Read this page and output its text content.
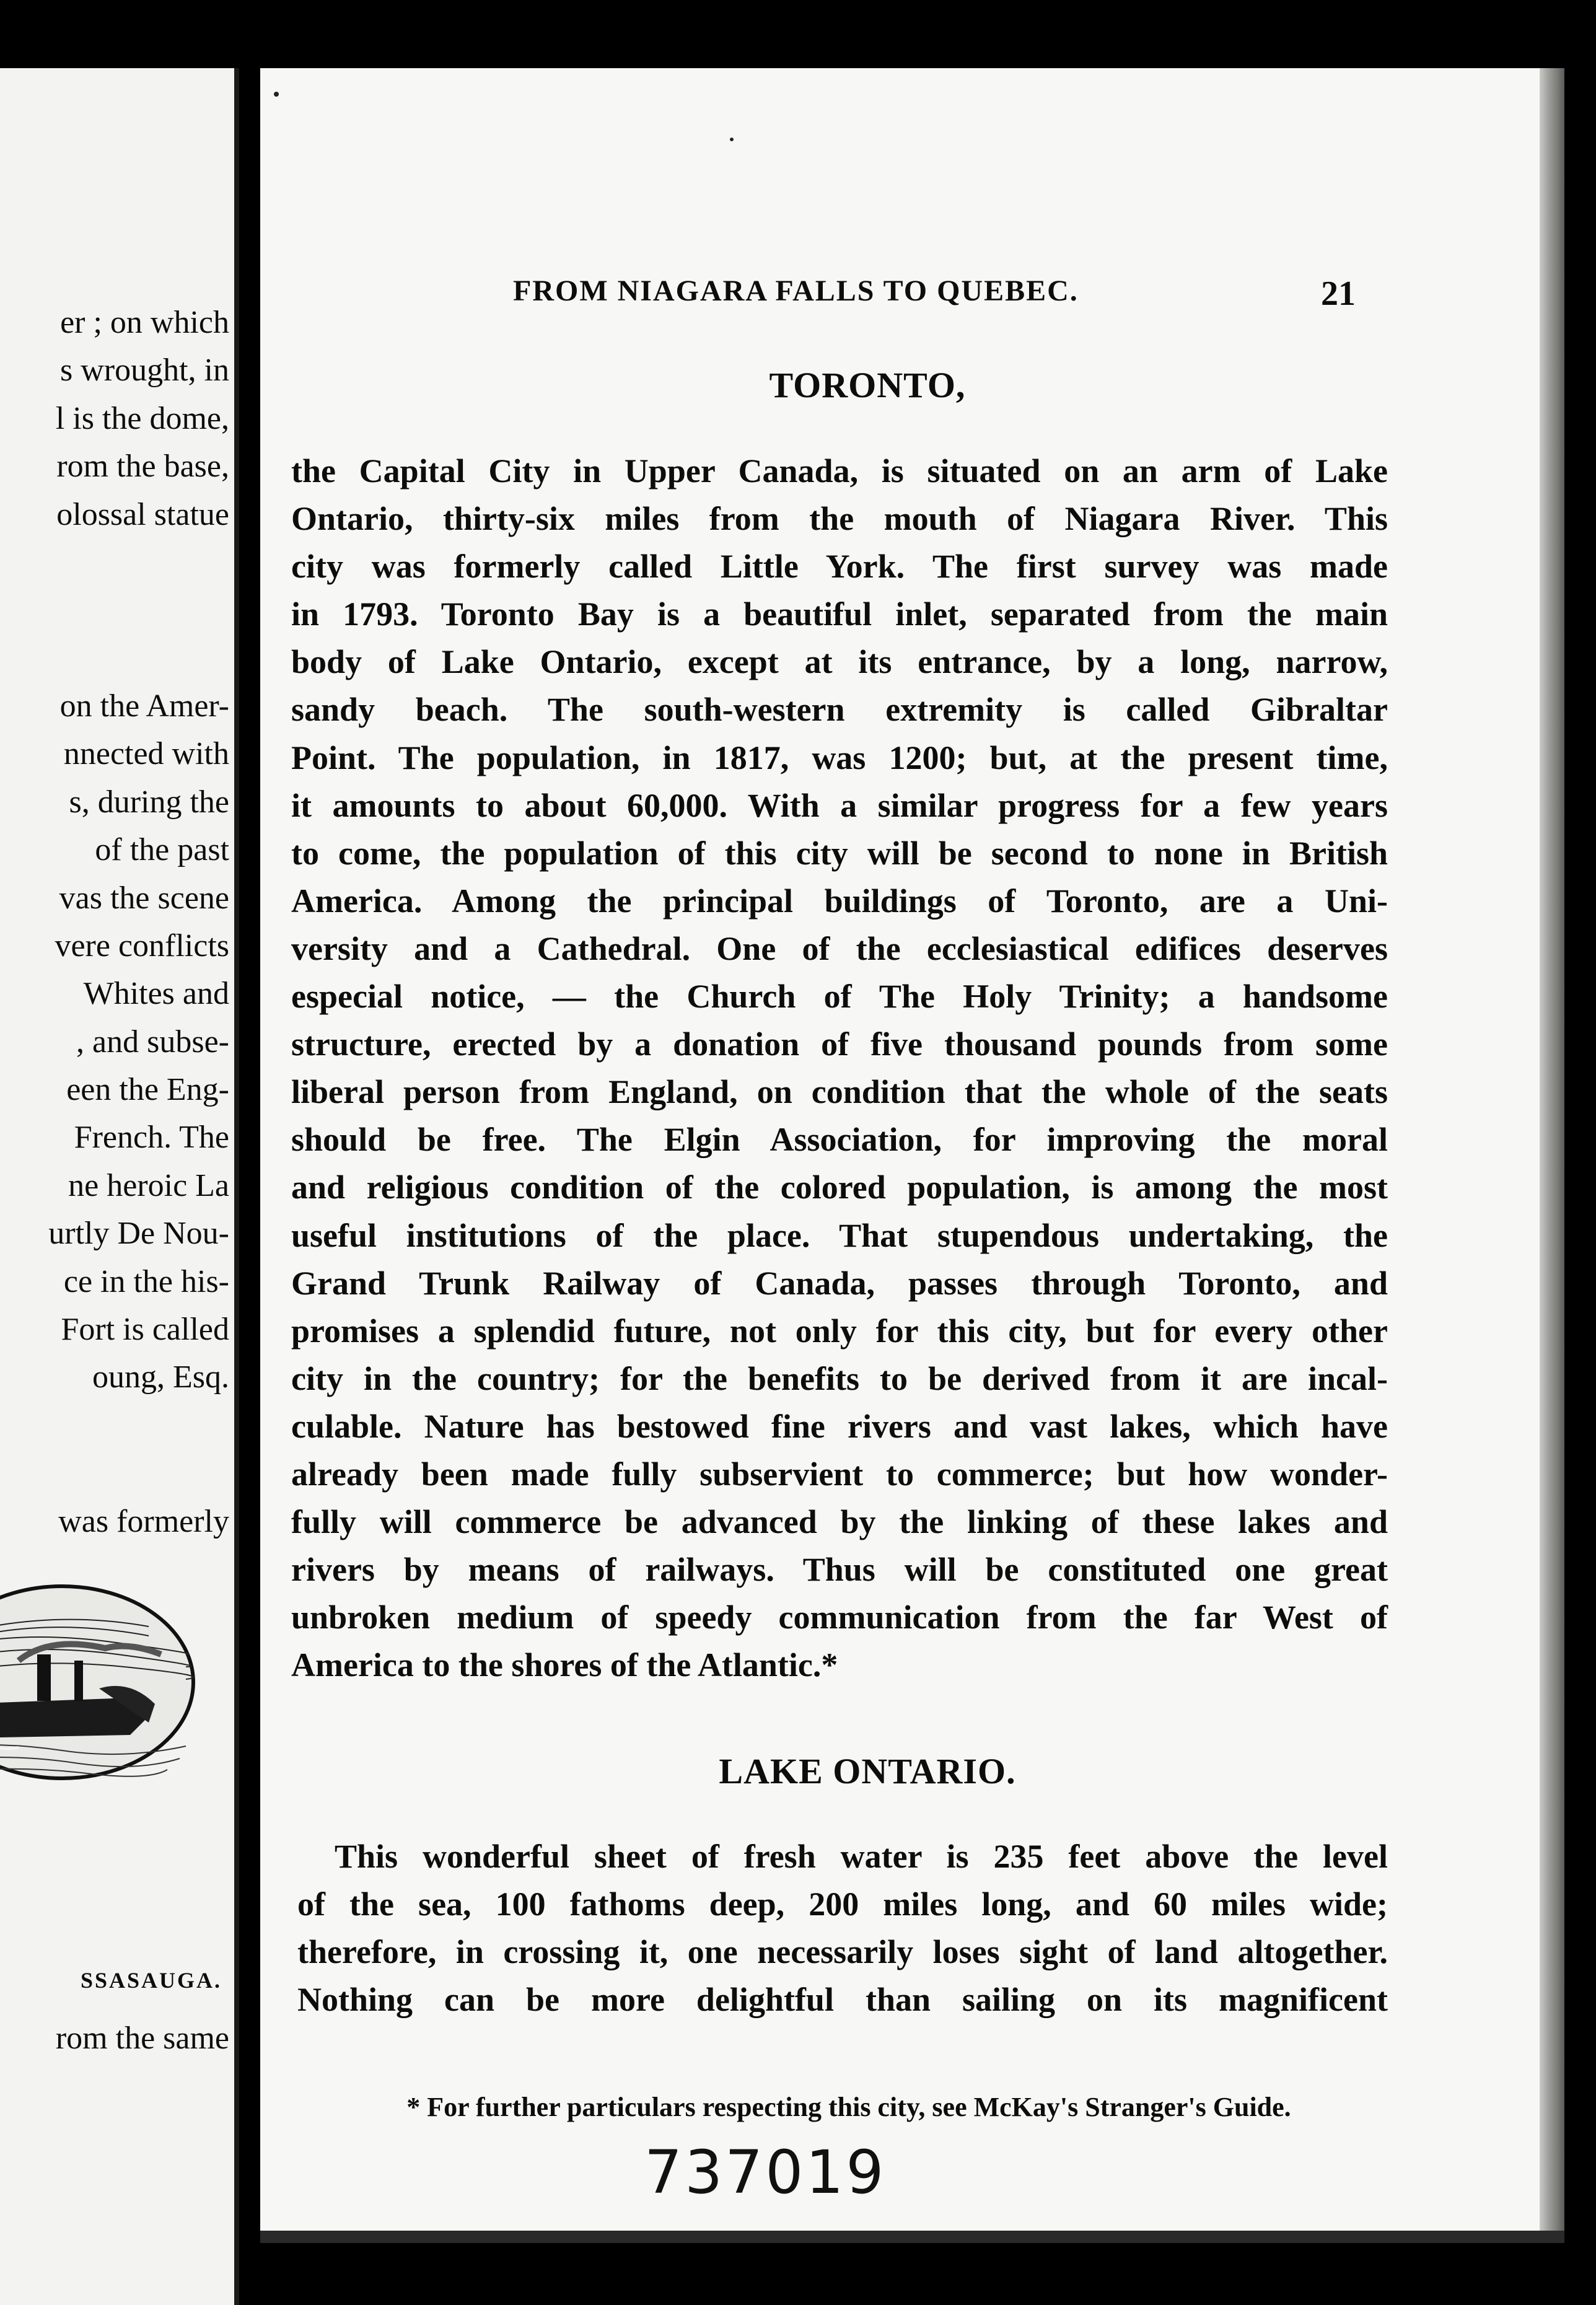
er ; on which
s wrought, in
l is the dome,
rom the base,
olossal statue
on the Amer-
nnected with
s, during the
of the past
vas the scene
vere conflicts
Whites and
, and subse-
een the Eng-
French. The
ne heroic La
urtly De Nou-
ce in the his-
Fort is called
oung, Esq.
was formerly
SSASAUGA.
rom the same
FROM NIAGARA FALLS TO QUEBEC.	21
TORONTO,
the Capital City in Upper Canada, is situated on an arm of Lake
Ontario, thirty-six miles from the mouth of Niagara River. This
city was formerly called Little York. The first survey was made
in 1793. Toronto Bay is a beautiful inlet, separated from the main
body of Lake Ontario, except at its entrance, by a long, narrow,
sandy beach. The south-western extremity is called Gibraltar
Point. The population, in 1817, was 1200; but, at the present time,
it amounts to about 60,000. With a similar progress for a few years
to come, the population of this city will be second to none in British
America. Among the principal buildings of Toronto, are a Uni-
versity and a Cathedral. One of the ecclesiastical edifices deserves
especial notice, — the Church of The Holy Trinity; a handsome
structure, erected by a donation of five thousand pounds from some
liberal person from England, on condition that the whole of the seats
should be free. The Elgin Association, for improving the moral
and religious condition of the colored population, is among the most
useful institutions of the place. That stupendous undertaking, the
Grand Trunk Railway of Canada, passes through Toronto, and
promises a splendid future, not only for this city, but for every other
city in the country; for the benefits to be derived from it are incal-
culable. Nature has bestowed fine rivers and vast lakes, which have
already been made fully subservient to commerce; but how wonder-
fully will commerce be advanced by the linking of these lakes and
rivers by means of railways. Thus will be constituted one great
unbroken medium of speedy communication from the far West of
America to the shores of the Atlantic.*
LAKE ONTARIO.
This wonderful sheet of fresh water is 235 feet above the level
of the sea, 100 fathoms deep, 200 miles long, and 60 miles wide;
therefore, in crossing it, one necessarily loses sight of land altogether.
Nothing can be more delightful than sailing on its magnificent
* For further particulars respecting this city, see McKay's Stranger's Guide.
737019
